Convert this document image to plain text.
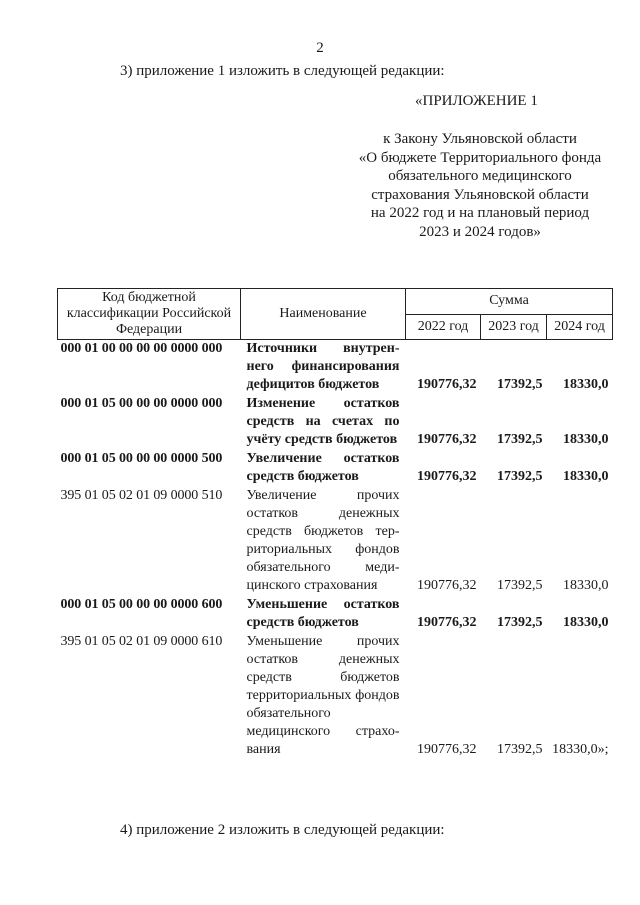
2
3) приложение 1 изложить в следующей редакции:
«ПРИЛОЖЕНИЕ 1
к Закону Ульяновской области
«О бюджете Территориального фонда
обязательного медицинского
страхования Ульяновской области
на 2022 год и на плановый период
2023 и 2024 годов»
Код бюджетной классификации Российской Федерации	Наименование	Сумма		
		2022 год	2023 год	2024 год
000 01 00 00 00 00 0000 000	Источники внутреннего финансирования дефицитов бюджетов	190776,32	17392,5	18330,0
000 01 05 00 00 00 0000 000	Изменение остатков средств на счетах по учёту средств бюджетов	190776,32	17392,5	18330,0
000 01 05 00 00 00 0000 500	Увеличение остатков средств бюджетов	190776,32	17392,5	18330,0
395 01 05 02 01 09 0000 510	Увеличение прочих остатков денежных средств бюджетов территориальных фондов обязательного медицинского страхования	190776,32	17392,5	18330,0
000 01 05 00 00 00 0000 600	Уменьшение остатков средств бюджетов	190776,32	17392,5	18330,0
395 01 05 02 01 09 0000 610	Уменьшение прочих остатков денежных средств бюджетов территориальных фондов обязательного медицинского страхования	190776,32	17392,5	18330,0»;
4) приложение 2 изложить в следующей редакции:
